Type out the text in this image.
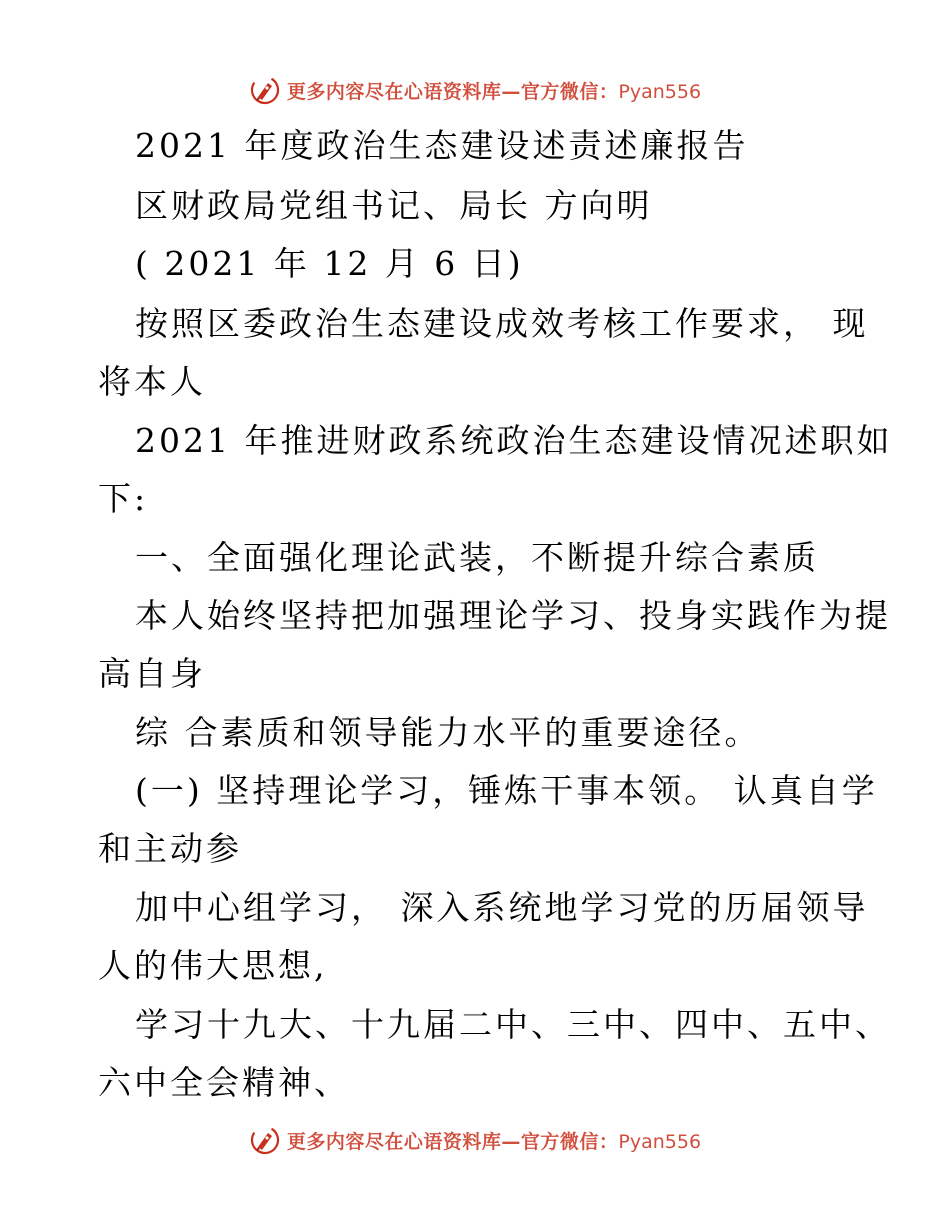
更多内容尽在心语资料库—官方微信：Pyan556
2021 年度政治生态建设述责述廉报告
区财政局党组书记、局长 方向明
( 2021 年 12 月 6 日)
按照区委政治生态建设成效考核工作要求， 现
将本人
2021 年推进财政系统政治生态建设情况述职如
下:
一、全面强化理论武装，不断提升综合素质
本人始终坚持把加强理论学习、投身实践作为提
高自身
综 合素质和领导能力水平的重要途径。
(一) 坚持理论学习，锤炼干事本领。 认真自学
和主动参
加中心组学习， 深入系统地学习党的历届领导
人的伟大思想,
学习十九大、十九届二中、三中、四中、五中、
六中全会精神、
更多内容尽在心语资料库—官方微信：Pyan556
